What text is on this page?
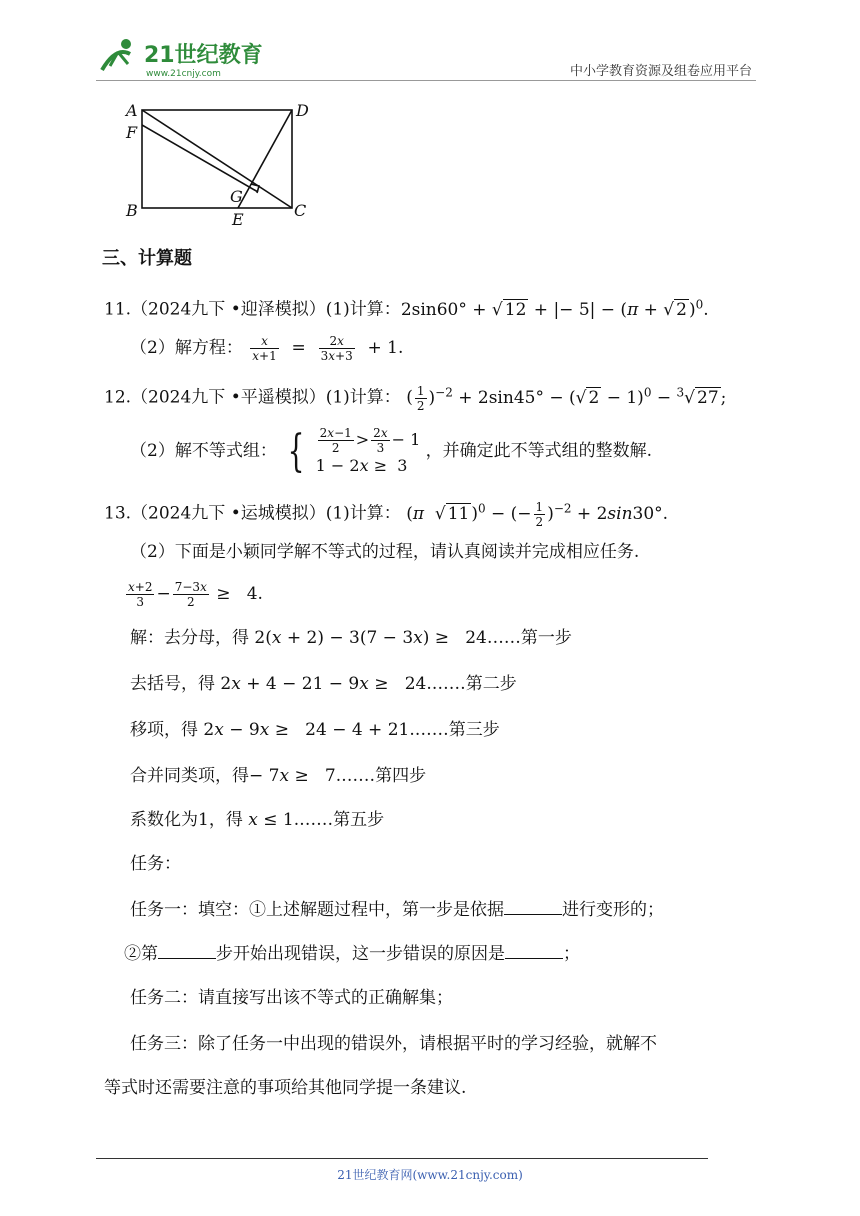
21世纪教育
www.21cnjy.com	中小学教育资源及组卷应用平台
A	D
F
G
B	E	C
三、计算题
11.（2024九下 •迎泽模拟）(1)计算：2sin60° + √ 12 + |− 5| − (π + √ 2 )$^0$.
（2）解方程： $\frac{x}{x+1} = \frac{2x}{3x+3} + 1$.
12.（2024九下 •平遥模拟）(1)计算： ( $\frac{1}{2} )^{-2} + 2\sin 45^\circ$ − (√ 2 − 1)$^0$ − $^3$√ 27 ;
（2）解不等式组： { $\frac{2x-1}{2} > \frac{2x}{3} - 1$
1 − 2x ≥  3
，并确定此不等式组的整数解.
13.（2024九下 •运城模拟）(1)计算： (π  √ 11 )$^0$ − (− $\frac{1}{2} )^{-2} + 2\sin 30^\circ$.
（2）下面是小颖同学解不等式的过程，请认真阅读并完成相应任务.
$\frac{x+2}{3} - \frac{7-3x}{2} \ge 4$.
解：去分母，得 2(x + 2) − 3(7 − 3x) ≥   24……第一步
去括号，得 2x + 4 − 21 − 9x ≥   24.……第二步
移项，得 2x − 9x ≥   24 − 4 + 21.……第三步
合并同类项，得− 7x ≥   7.……第四步
系数化为1，得 x ≤ 1.……第五步
任务：
任务一：填空：①上述解题过程中，第一步是依据	进行变形的；
②第	步开始出现错误，这一步错误的原因是	；
任务二：请直接写出该不等式的正确解集；
任务三：除了任务一中出现的错误外，请根据平时的学习经验，就解不
等式时还需要注意的事项给其他同学提一条建议.
21世纪教育网(www.21cnjy.com)
